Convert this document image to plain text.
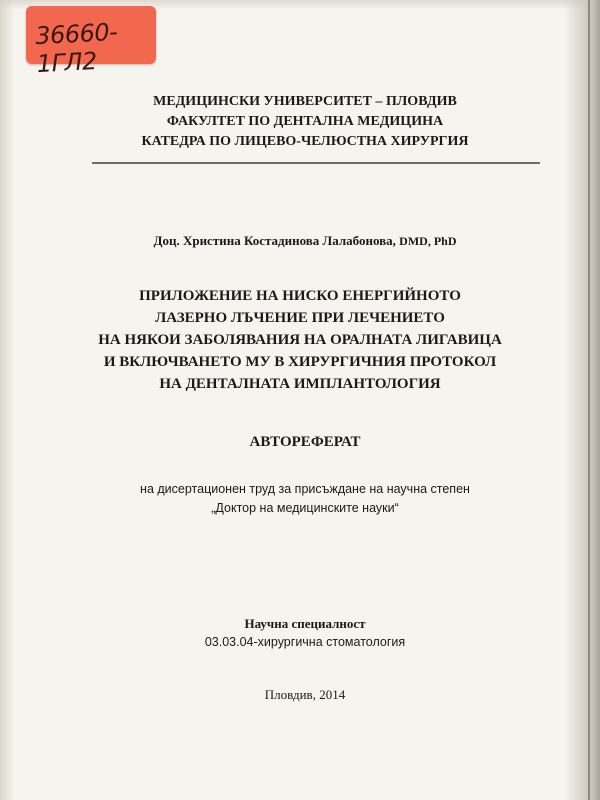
36660-1ГЛ2
МЕДИЦИНСКИ УНИВЕРСИТЕТ – ПЛОВДИВ
ФАКУЛТЕТ ПО ДЕНТАЛНА МЕДИЦИНА
КАТЕДРА ПО ЛИЦЕВО-ЧЕЛЮСТНА ХИРУРГИЯ
Доц. Христина Костадинова Лалабонова, DMD, PhD
ПРИЛОЖЕНИЕ НА НИСКО ЕНЕРГИЙНОТО
ЛАЗЕРНО ЛЪЧЕНИЕ ПРИ ЛЕЧЕНИЕТО
НА НЯКОИ ЗАБОЛЯВАНИЯ НА ОРАЛНАТА ЛИГАВИЦА
И ВКЛЮЧВАНЕТО МУ В ХИРУРГИЧНИЯ ПРОТОКОЛ
НА ДЕНТАЛНАТА ИМПЛАНТОЛОГИЯ
АВТОРЕФЕРАТ
на дисертационен труд за присъждане на научна степен
„Доктор на медицинските науки“
Научна специалност
03.03.04-хирургична стоматология
Пловдив, 2014
